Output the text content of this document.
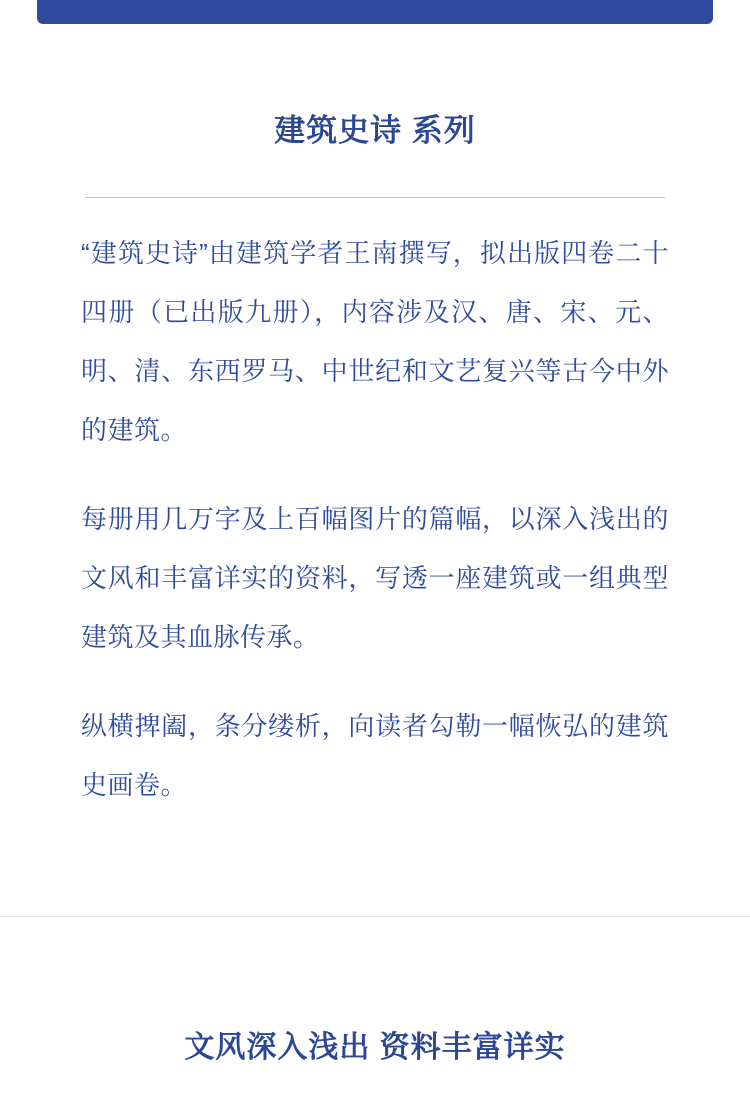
建筑史诗 系列

“建筑史诗”由建筑学者王南撰写，拟出版四卷二十四册（已出版九册），内容涉及汉、唐、宋、元、明、清、东西罗马、中世纪和文艺复兴等古今中外的建筑。

每册用几万字及上百幅图片的篇幅，以深入浅出的文风和丰富详实的资料，写透一座建筑或一组典型建筑及其血脉传承。

纵横捭阖，条分缕析，向读者勾勒一幅恢弘的建筑史画卷。

文风深入浅出 资料丰富详实
